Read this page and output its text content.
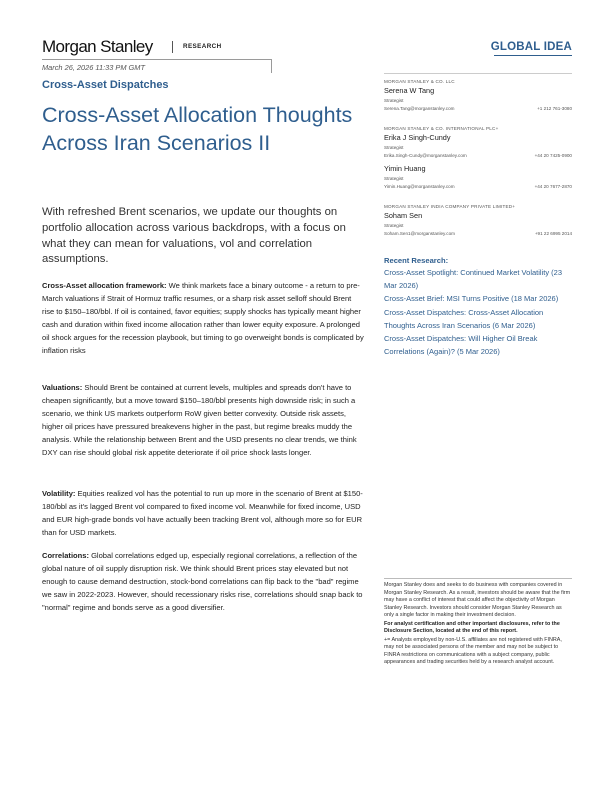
Morgan Stanley	RESEARCH	GLOBAL IDEA
March 26, 2026 11:33 PM GMT
Cross-Asset Dispatches
Cross-Asset Allocation Thoughts Across Iran Scenarios II

With refreshed Brent scenarios, we update our thoughts on portfolio allocation across various backdrops, with a focus on what they can mean for valuations, vol and correlation assumptions.

Cross-Asset allocation framework: We think markets face a binary outcome - a return to pre-March valuations if Strait of Hormuz traffic resumes, or a sharp risk asset selloff should Brent rise to $150–180/bbl. If oil is contained, favor equities; supply shocks has typically meant higher cash and duration within fixed income allocation rather than lower equity exposure. A prolonged oil shock argues for the recession playbook, but timing to go overweight bonds is complicated by inflation risks

Valuations: Should Brent be contained at current levels, multiples and spreads don't have to cheapen significantly, but a move toward $150–180/bbl presents high downside risk; in such a scenario, we think US markets outperform RoW given better convexity. Outside risk assets, higher oil prices have pressured breakevens higher in the past, but regime breaks muddy the analysis. While the relationship between Brent and the USD presents no clear trends, we think DXY can rise should global risk appetite deteriorate if oil price shock lasts longer.

Volatility: Equities realized vol has the potential to run up more in the scenario of Brent at $150-180/bbl as it's lagged Brent vol compared to fixed income vol. Meanwhile for fixed income, USD and EUR high-grade bonds vol have actually been tracking Brent vol, although more so for EUR than for USD markets.

Correlations: Global correlations edged up, especially regional correlations, a reflection of the global nature of oil supply disruption risk. We think should Brent prices stay elevated but not enough to cause demand destruction, stock-bond correlations can flip back to the "bad" regime we saw in 2022-2023. However, should recessionary risks rise, correlations should snap back to "normal" regime and bonds serve as a good diversifier.

MORGAN STANLEY & CO. LLC
Serena W Tang
Strategist
Serena.Tang@morganstanley.com	+1 212 761-3080
MORGAN STANLEY & CO. INTERNATIONAL PLC+
Erika J Singh-Cundy
Strategist
Erika.Singh-Cundy@morganstanley.com	+44 20 7425-0900
Yimin Huang
Strategist
Yimin.Huang@morganstanley.com	+44 20 7677-2870
MORGAN STANLEY INDIA COMPANY PRIVATE LIMITED+
Soham Sen
Strategist
Soham.Sen1@morganstanley.com	+91 22 6995 2014
Recent Research:
Cross-Asset Spotlight: Continued Market Volatility (23 Mar 2026)
Cross-Asset Brief: MSI Turns Positive (18 Mar 2026)
Cross-Asset Dispatches: Cross-Asset Allocation Thoughts Across Iran Scenarios (6 Mar 2026)
Cross-Asset Dispatches: Will Higher Oil Break Correlations (Again)? (5 Mar 2026)
Morgan Stanley does and seeks to do business with companies covered in Morgan Stanley Research. As a result, investors should be aware that the firm may have a conflict of interest that could affect the objectivity of Morgan Stanley Research. Investors should consider Morgan Stanley Research as only a single factor in making their investment decision.
For analyst certification and other important disclosures, refer to the Disclosure Section, located at the end of this report.
+= Analysts employed by non-U.S. affiliates are not registered with FINRA, may not be associated persons of the member and may not be subject to FINRA restrictions on communications with a subject company, public appearances and trading securities held by a research analyst account.
